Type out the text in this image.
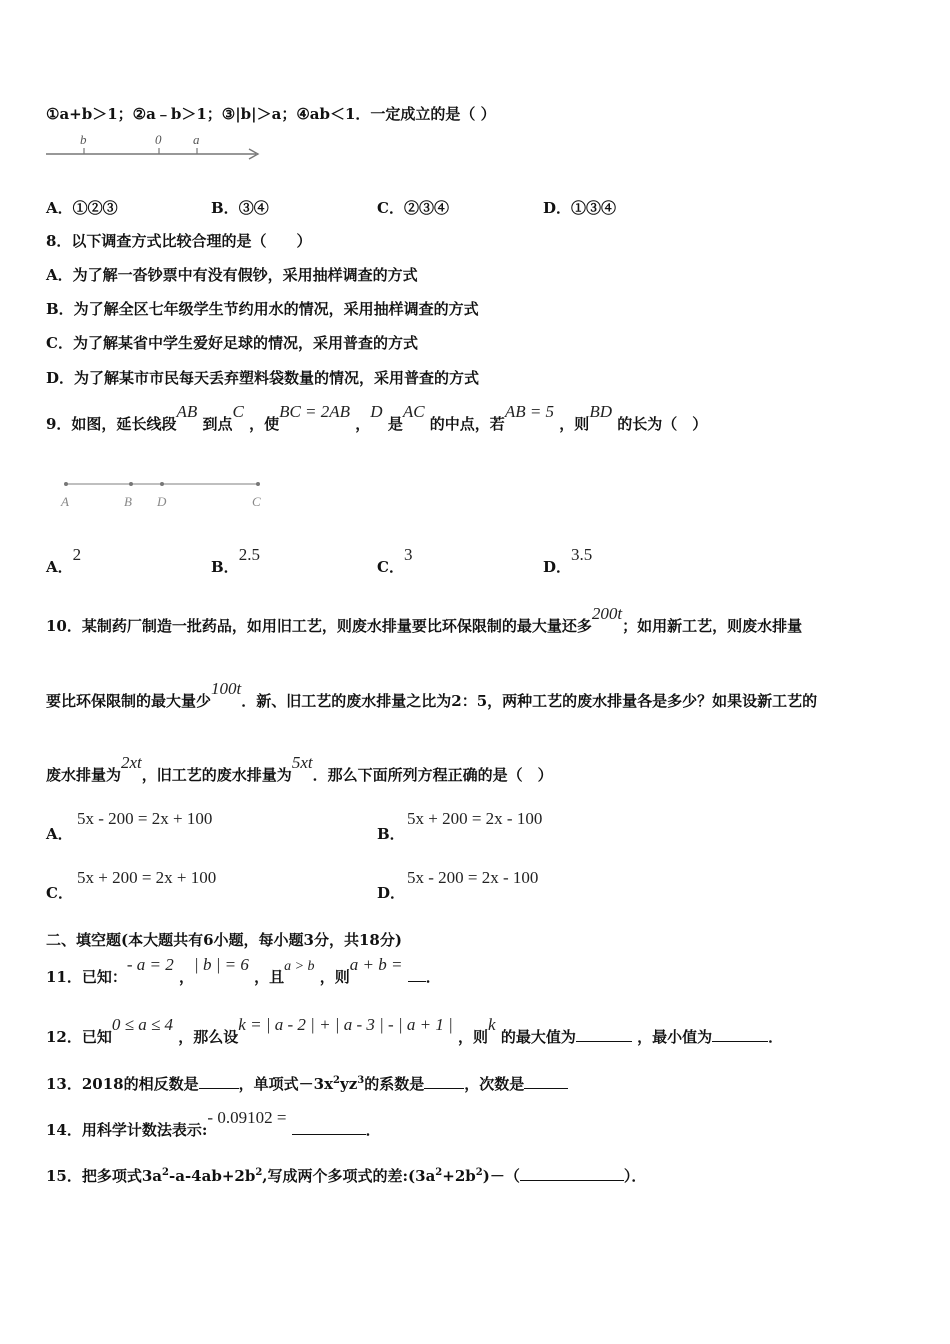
①a+b＞1；②a﹣b＞1；③|b|＞a；④ab＜1．一定成立的是（ ）
b	0 a
A．①②③	B．③④	C．②③④	D．①③④
8．以下调查方式比较合理的是（　　）
A．为了解一沓钞票中有没有假钞，采用抽样调查的方式
B．为了解全区七年级学生节约用水的情况，采用抽样调查的方式
C．为了解某省中学生爱好足球的情况，采用普查的方式
D．为了解某市市民每天丢弃塑料袋数量的情况，采用普查的方式
9．如图，延长线段AB 到点C ，使BC = 2AB ，D 是AC 的中点，若AB = 5 ，则BD 的长为（　）
A	B D	C
A．2
B．2.5
C．3
D．3.5
10．某制药厂制造一批药品，如用旧工艺，则废水排量要比环保限制的最大量还多200t；如用新工艺，则废水排量
要比环保限制的最大量少100t．新、旧工艺的废水排量之比为2：5，两种工艺的废水排量各是多少？如果设新工艺的
废水排量为2xt，旧工艺的废水排量为5xt．那么下面所列方程正确的是（　）
A．
5x - 200 = 2x + 100
B．
5x + 200 = 2x - 100
C．
5x + 200 = 2x + 100
D．
5x - 200 = 2x - 100
二、填空题(本大题共有6小题，每小题3分，共18分)
11．已知：- a = 2 ，| b | = 6 ，且a > b ，则a + b = ．
12．已知0 ≤ a ≤ 4 ，那么设k = | a - 2 | + | a - 3 | - | a + 1 | ，则k 的最大值为	，最小值为	．
13．2018的相反数是	，单项式$-3x^2yz^3$的系数是	，次数是
14．用科学计数法表示:- 0.09102 = ．
15．把多项式$3a^2-a-4ab+2b^2$,写成两个多项式的差$:(3a^2+2b^2)-$（	）．
